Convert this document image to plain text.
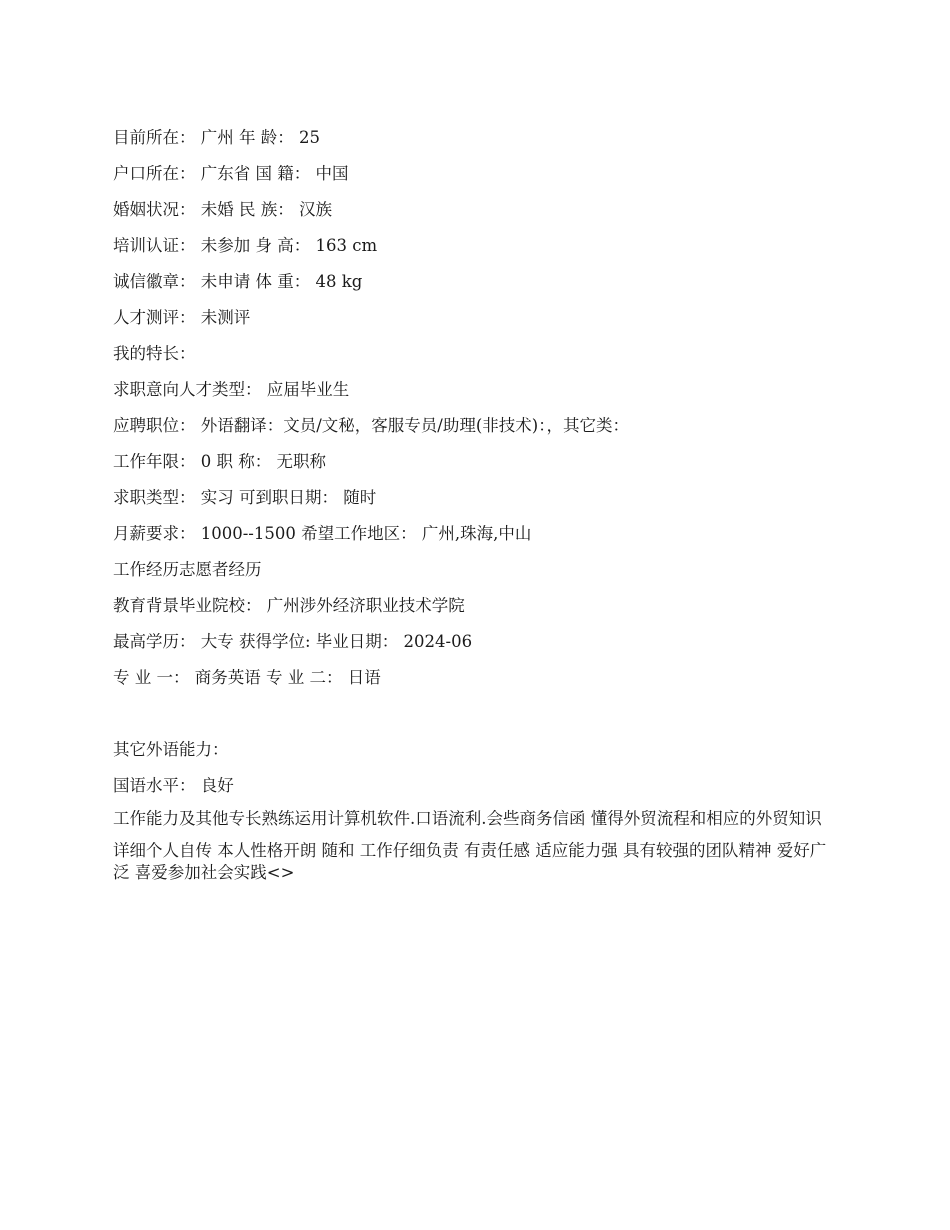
目前所在： 广州 年 龄： 25
户口所在： 广东省 国 籍： 中国
婚姻状况： 未婚 民 族： 汉族
培训认证： 未参加 身 高： 163 cm
诚信徽章： 未申请 体 重： 48 kg
人才测评： 未测评
我的特长：
求职意向人才类型： 应届毕业生
应聘职位： 外语翻译：文员/文秘，客服专员/助理(非技术)：，其它类：
工作年限： 0 职 称： 无职称
求职类型： 实习 可到职日期： 随时
月薪要求： 1000--1500 希望工作地区： 广州,珠海,中山
工作经历志愿者经历
教育背景毕业院校： 广州涉外经济职业技术学院
最高学历： 大专 获得学位: 毕业日期： 2024-06
专 业 一： 商务英语 专 业 二： 日语
其它外语能力：
国语水平： 良好
工作能力及其他专长熟练运用计算机软件.口语流利.会些商务信函 懂得外贸流程和相应的外贸知识
详细个人自传 本人性格开朗 随和 工作仔细负责 有责任感 适应能力强 具有较强的团队精神 爱好广泛 喜爱参加社会实践<>
